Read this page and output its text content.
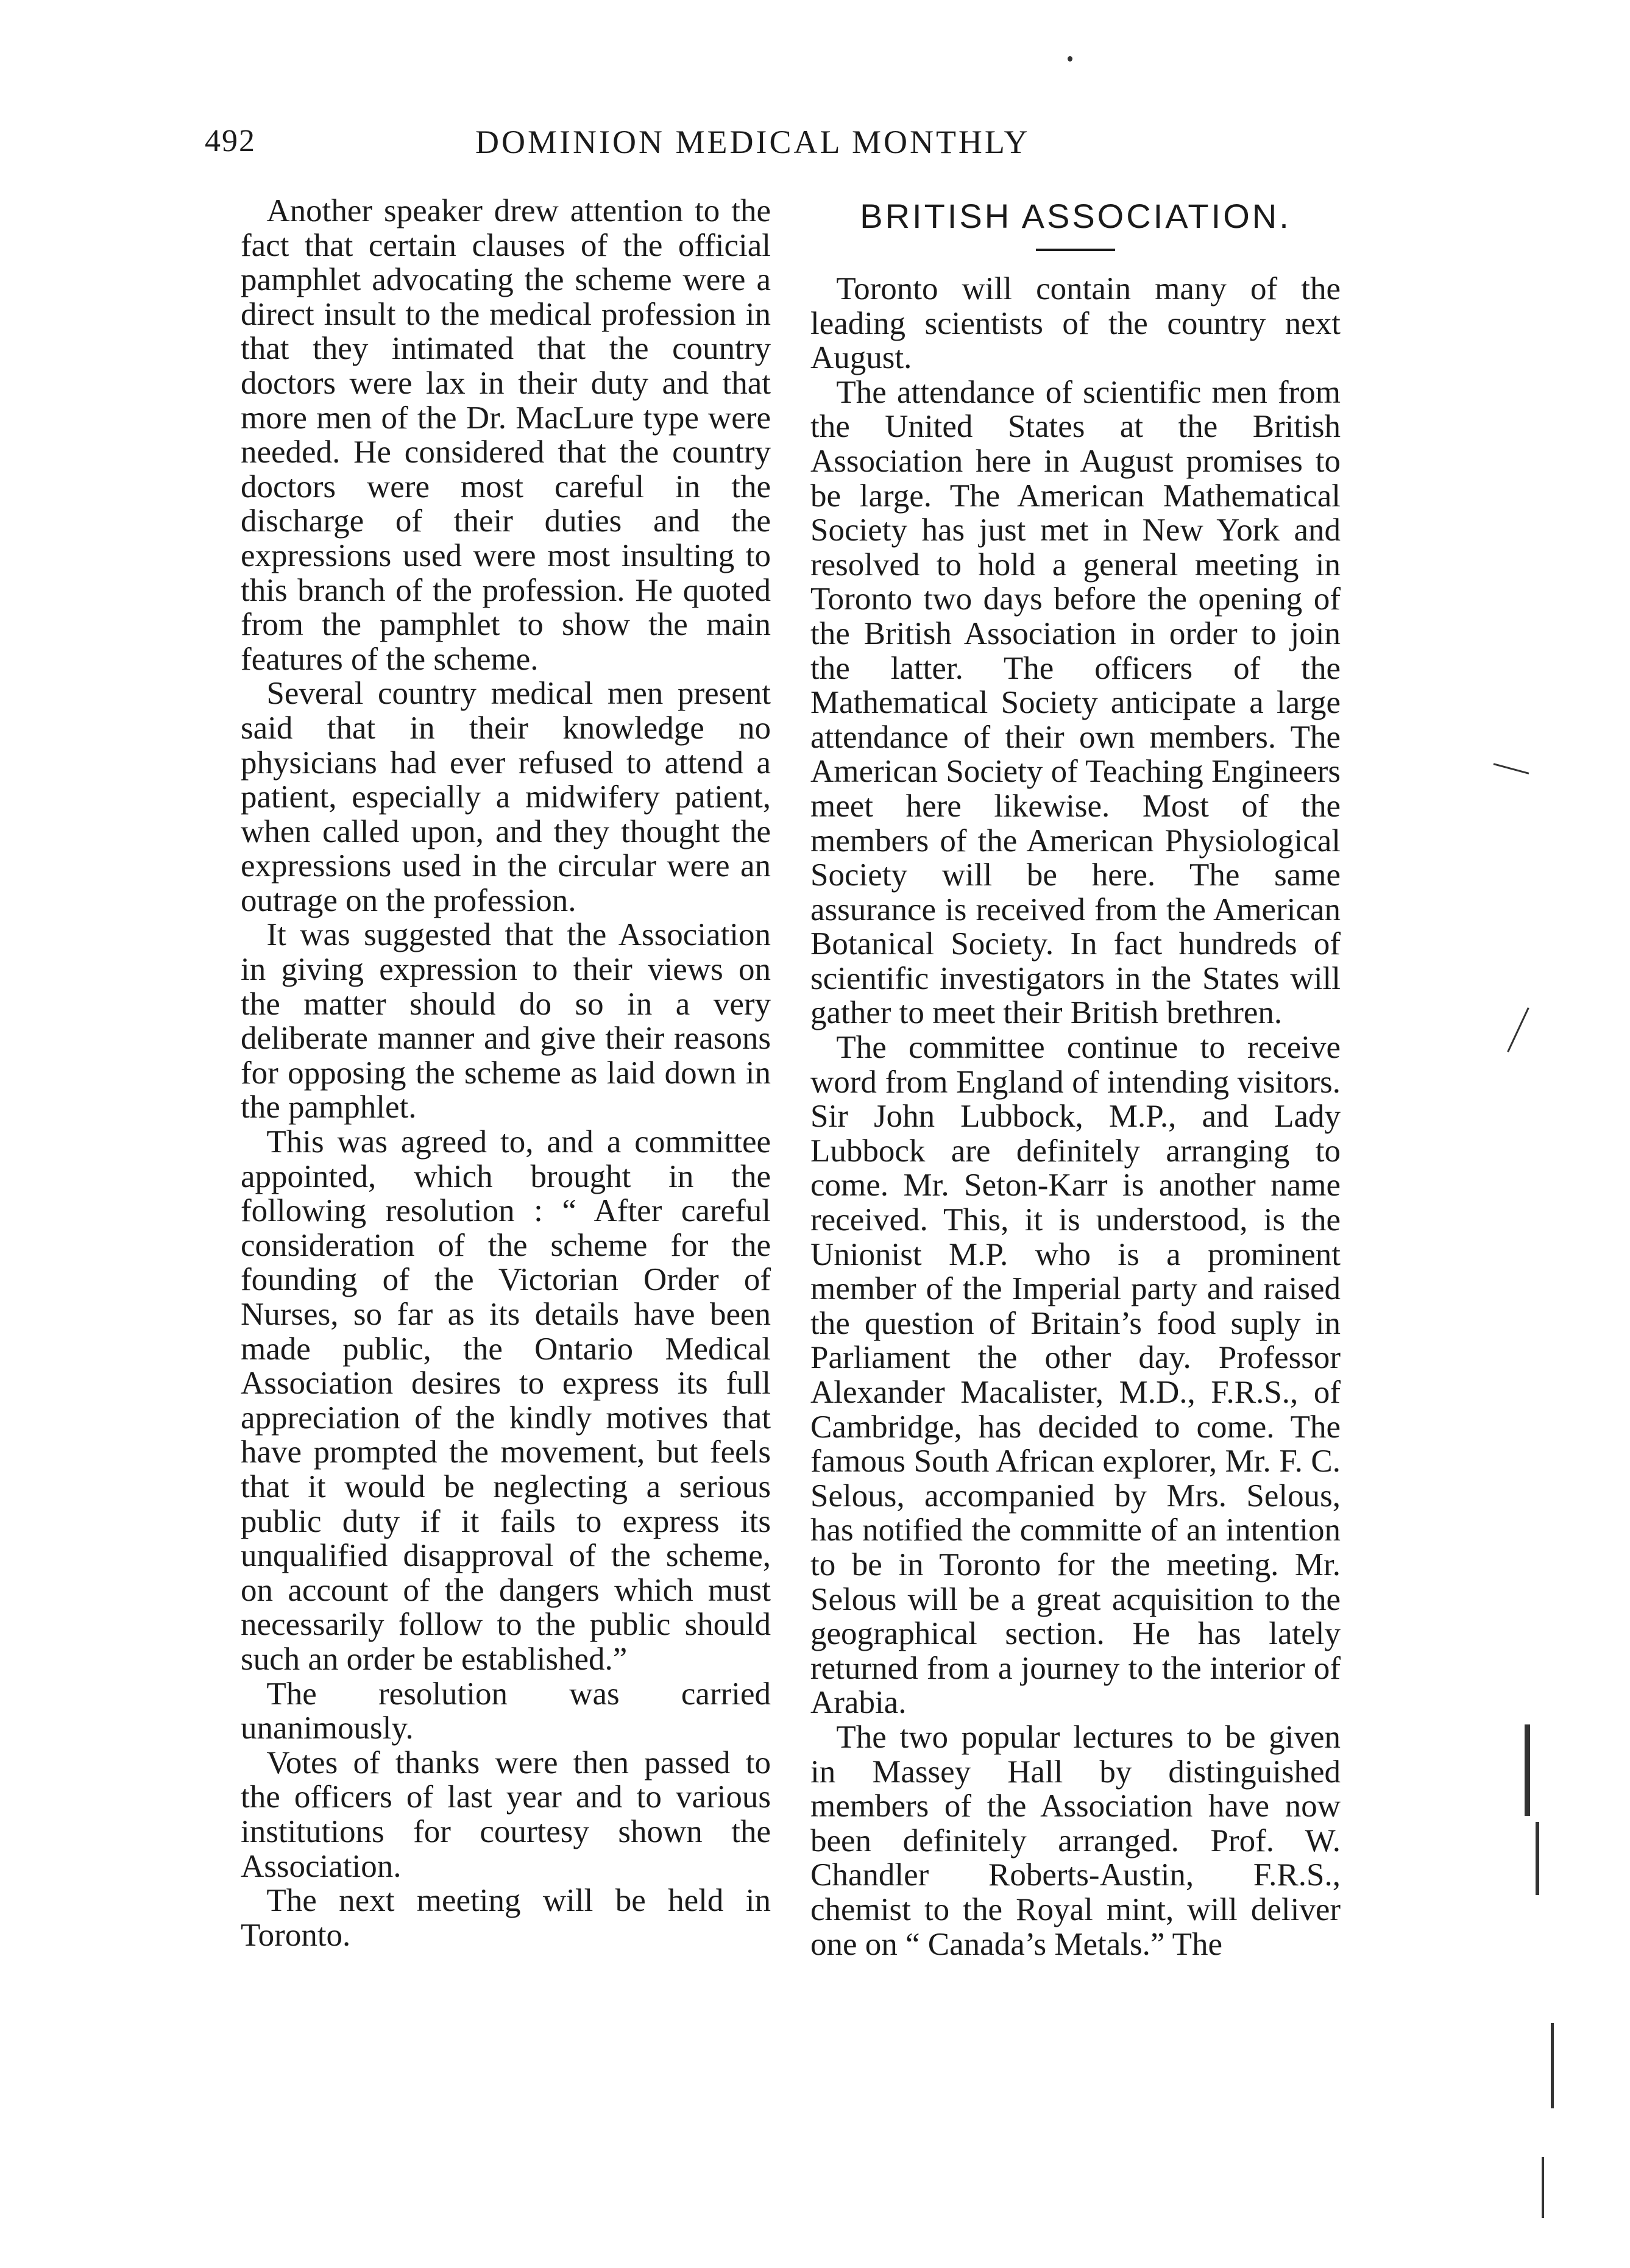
492	DOMINION MEDICAL MONTHLY

Another speaker drew attention to the fact that certain clauses of the official pamphlet advocating the scheme were a direct insult to the medical profession in that they intimated that the country doctors were lax in their duty and that more men of the Dr. MacLure type were needed. He considered that the country doctors were most careful in the discharge of their duties and the expressions used were most insulting to this branch of the profession. He quoted from the pamphlet to show the main features of the scheme.

Several country medical men present said that in their knowledge no physicians had ever refused to attend a patient, especially a midwifery patient, when called upon, and they thought the expressions used in the circular were an outrage on the profession.

It was suggested that the Association in giving expression to their views on the matter should do so in a very deliberate manner and give their reasons for opposing the scheme as laid down in the pamphlet.

This was agreed to, and a committee appointed, which brought in the following resolution : “ After careful consideration of the scheme for the founding of the Victorian Order of Nurses, so far as its details have been made public, the Ontario Medical Association desires to express its full appreciation of the kindly motives that have prompted the movement, but feels that it would be neglecting a serious public duty if it fails to express its unqualified disapproval of the scheme, on account of the dangers which must necessarily follow to the public should such an order be established.”

The resolution was carried unanimously.

Votes of thanks were then passed to the officers of last year and to various institutions for courtesy shown the Association.

The next meeting will be held in Toronto.

BRITISH ASSOCIATION.

Toronto will contain many of the leading scientists of the country next August.

The attendance of scientific men from the United States at the British Association here in August promises to be large. The American Mathematical Society has just met in New York and resolved to hold a general meeting in Toronto two days before the opening of the British Association in order to join the latter. The officers of the Mathematical Society anticipate a large attendance of their own members. The American Society of Teaching Engineers meet here likewise. Most of the members of the American Physiological Society will be here. The same assurance is received from the American Botanical Society. In fact hundreds of scientific investigators in the States will gather to meet their British brethren.

The committee continue to receive word from England of intending visitors. Sir John Lubbock, M.P., and Lady Lubbock are definitely arranging to come. Mr. Seton-Karr is another name received. This, it is understood, is the Unionist M.P. who is a prominent member of the Imperial party and raised the question of Britain’s food suply in Parliament the other day. Professor Alexander Macalister, M.D., F.R.S., of Cambridge, has decided to come. The famous South African explorer, Mr. F. C. Selous, accompanied by Mrs. Selous, has notified the committe of an intention to be in Toronto for the meeting. Mr. Selous will be a great acquisition to the geographical section. He has lately returned from a journey to the interior of Arabia.

The two popular lectures to be given in Massey Hall by distinguished members of the Association have now been definitely arranged. Prof. W. Chandler Roberts-Austin, F.R.S., chemist to the Royal mint, will deliver one on “ Canada’s Metals.” The
